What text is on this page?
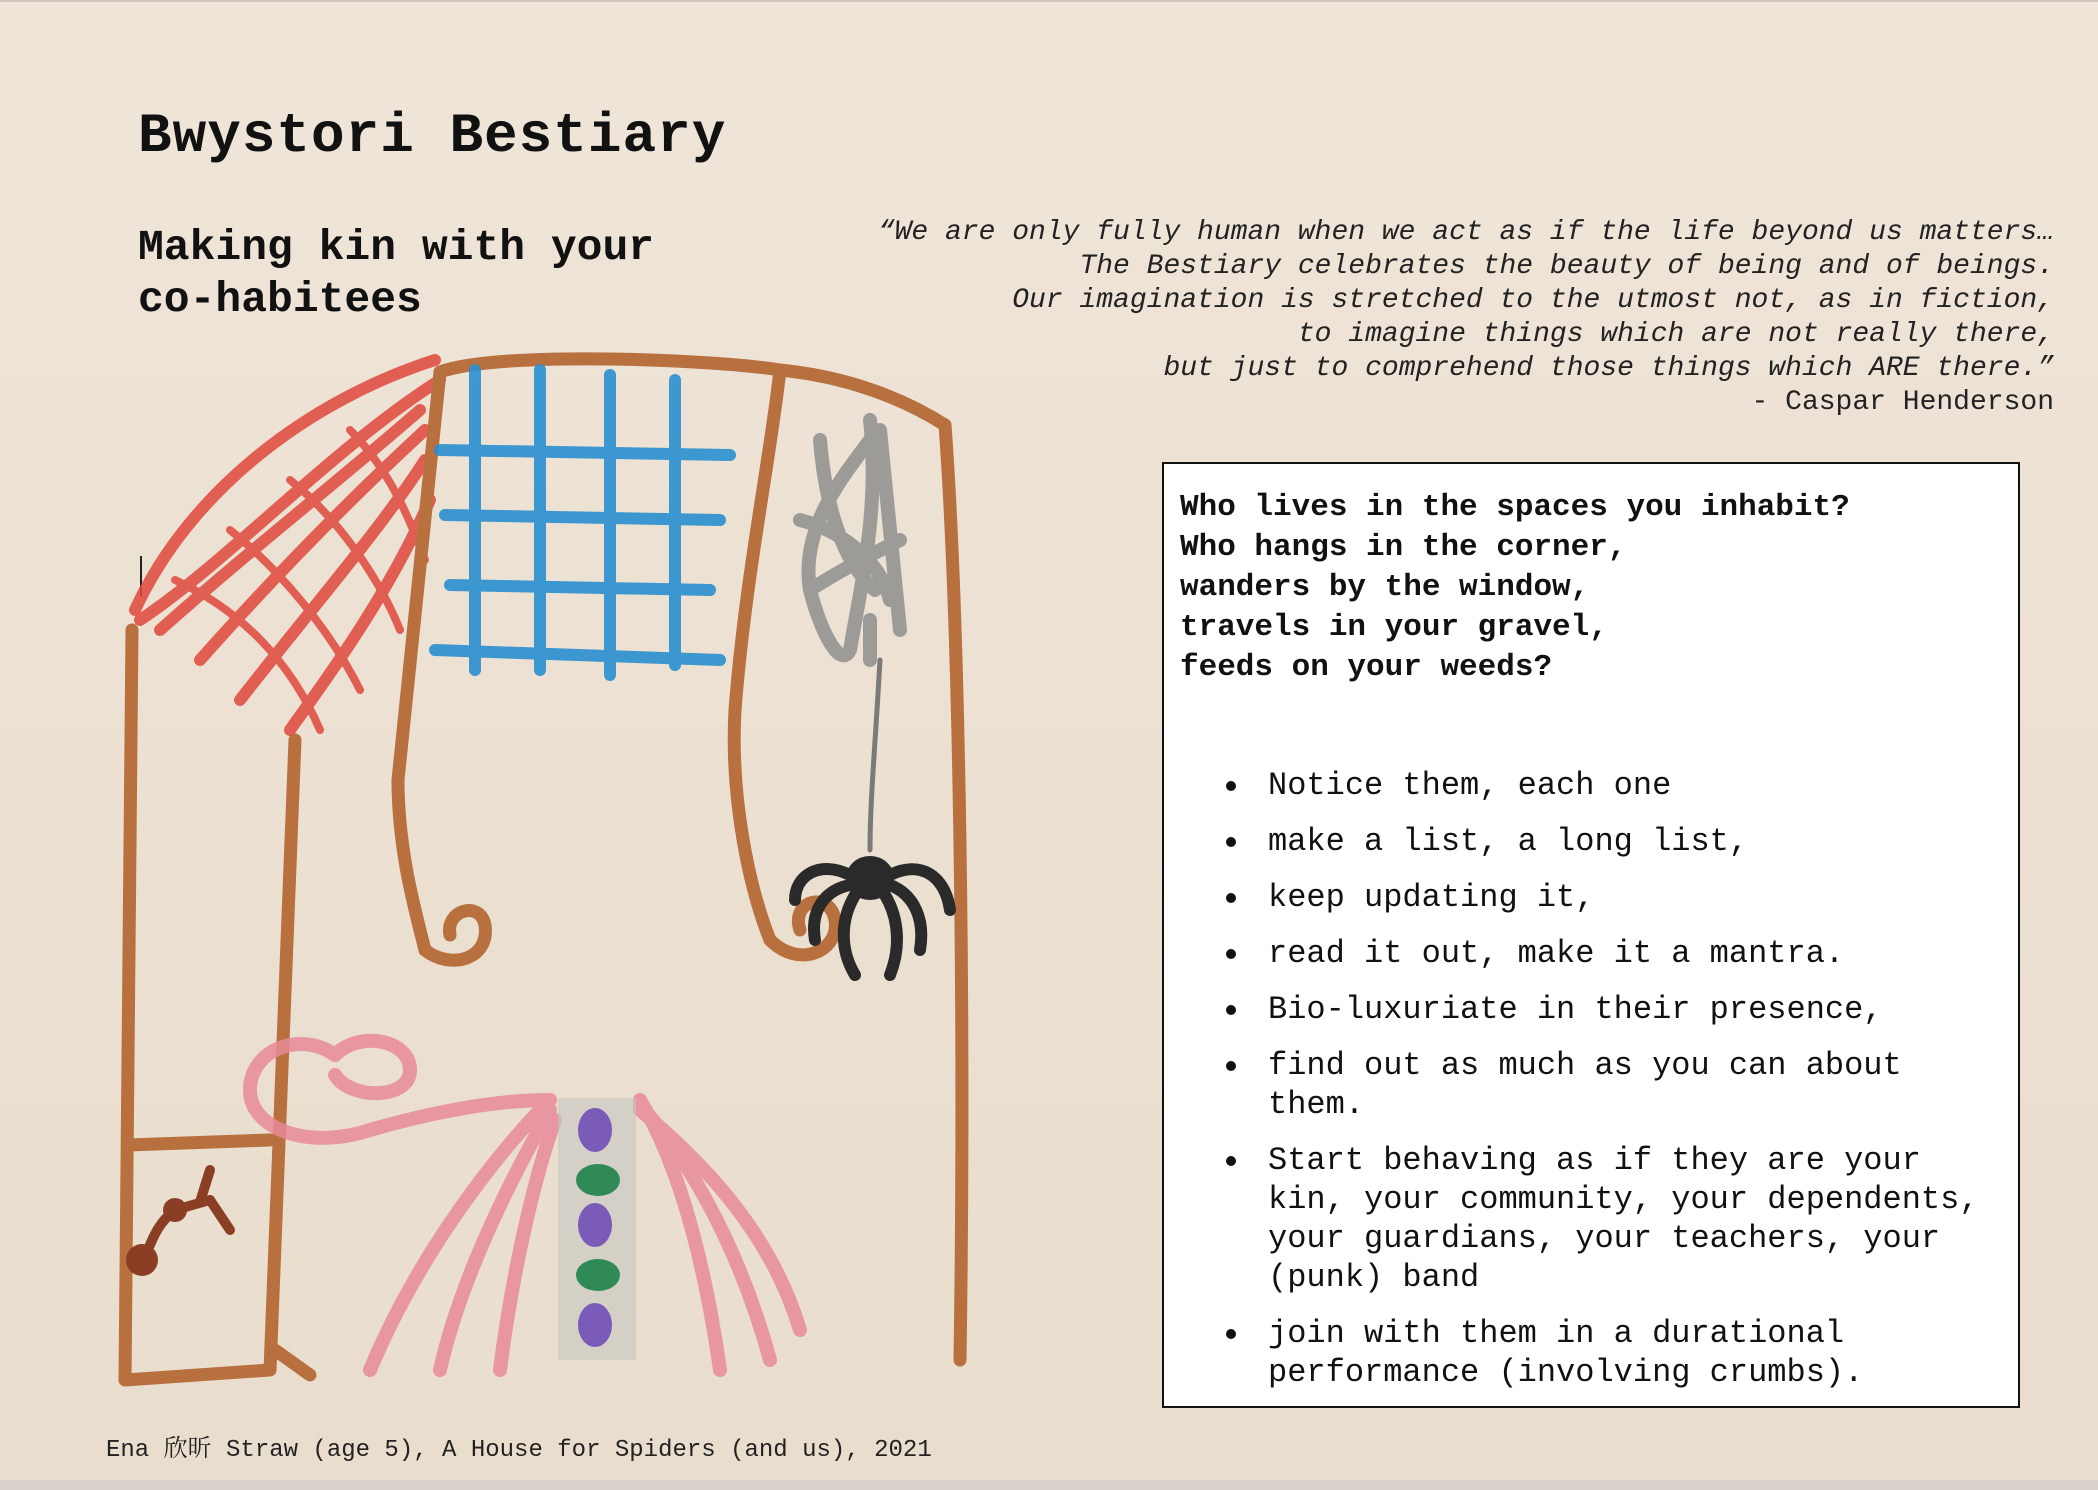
Bwystori Bestiary
Making kin with your co-habitees
“We are only fully human when we act as if the life beyond us matters…
The Bestiary celebrates the beauty of being and of beings.
Our imagination is stretched to the utmost not, as in fiction,
to imagine things which are not really there,
but just to comprehend those things which ARE there.”
- Caspar Henderson
Who lives in the spaces you inhabit?
Who hangs in the corner,
wanders by the window,
travels in your gravel,
feeds on your weeds?
Notice them, each one
make a list, a long list,
keep updating it,
read it out, make it a mantra.
Bio-luxuriate in their presence,
find out as much as you can about them.
Start behaving as if they are your kin, your community, your dependents, your guardians, your teachers, your (punk) band
join with them in a durational performance (involving crumbs).
Ena 欣昕 Straw (age 5), A House for Spiders (and us), 2021
